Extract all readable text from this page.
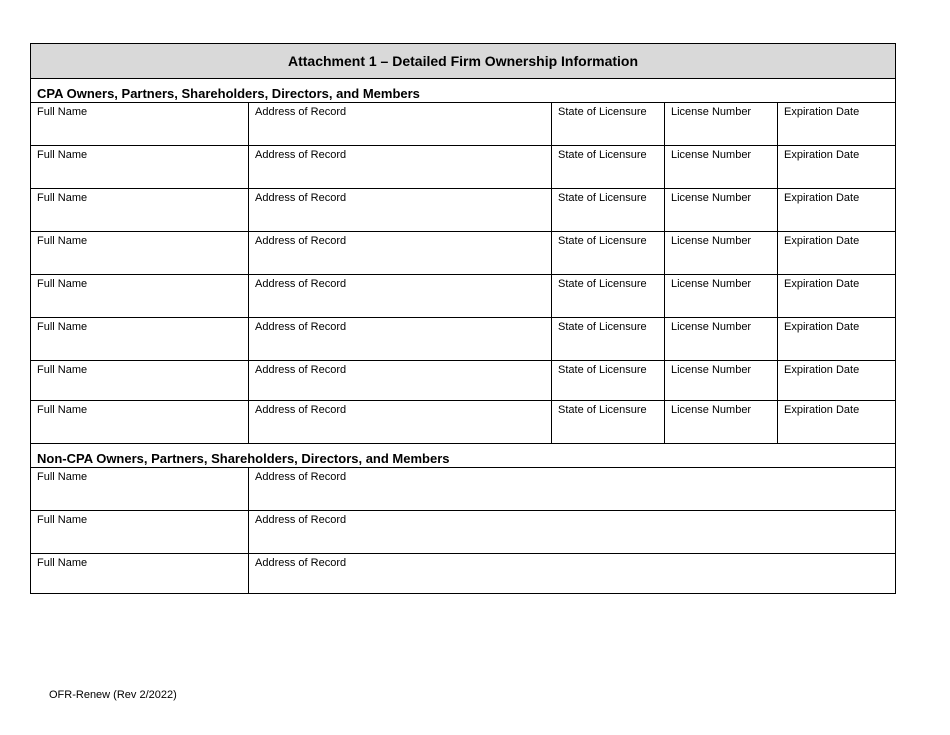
Attachment 1 – Detailed Firm Ownership Information				
CPA Owners, Partners, Shareholders, Directors, and Members				
Full Name	Address of Record	State of Licensure	License Number	Expiration Date
Full Name	Address of Record	State of Licensure	License Number	Expiration Date
Full Name	Address of Record	State of Licensure	License Number	Expiration Date
Full Name	Address of Record	State of Licensure	License Number	Expiration Date
Full Name	Address of Record	State of Licensure	License Number	Expiration Date
Full Name	Address of Record	State of Licensure	License Number	Expiration Date
Full Name	Address of Record	State of Licensure	License Number	Expiration Date
Full Name	Address of Record	State of Licensure	License Number	Expiration Date
Non-CPA Owners, Partners, Shareholders, Directors, and Members				
Full Name	Address of Record			
Full Name	Address of Record			
Full Name	Address of Record			
OFR-Renew (Rev 2/2022)
